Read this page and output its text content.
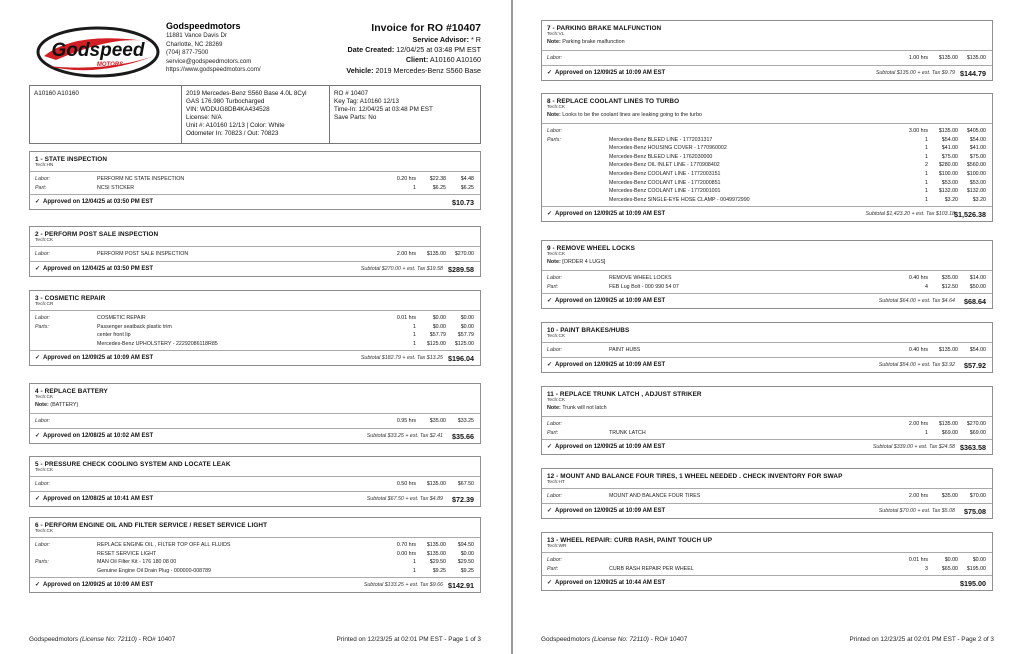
Godspeed
MOTORS
Godspeedmotors
11881 Vance Davis Dr
Charlotte, NC 28269
(704) 877-7500
service@godspeedmotors.com
https://www.godspeedmotors.com/
Invoice for RO #10407
Service Advisor: * R
Date Created: 12/04/25 at 03:48 PM EST
Client: A10160 A10160
Vehicle: 2019 Mercedes-Benz S560 Base
A10160 A10160	2019 Mercedes-Benz S560 Base 4.0L 8Cyl
GAS 176.980 Turbocharged
VIN: WDDUG8DB4KA434528
License: N/A
Unit #: A10160 12/13 | Color: White
Odometer In: 70823 / Out: 70823
RO # 10407
Key Tag: A10160 12/13
Time-In: 12/04/25 at 03:48 PM EST
Save Parts: No
1 - STATE INSPECTION
Tech:HN
Labor:	PERFORM NC STATE INSPECTION	0.20 hrs	$22.38	$4.48
Part:	NCSI STICKER	1	$6.25	$6.25
✓ Approved on 12/04/25 at 03:50 PM EST	$10.73
2 - PERFORM POST SALE INSPECTION
Tech:CK
Labor:	PERFORM POST SALE INSPECTION	2.00 hrs $135.00 $270.00
✓ Approved on 12/04/25 at 03:50 PM EST	Subtotal $270.00 + est. Tax $19.58 $289.58
3 - COSMETIC REPAIR
Tech:CR
Labor:	COSMETIC REPAIR	0.01 hrs	$0.00	$0.00
Parts:	Passenger seatback plastic trim	1	$0.00	$0.00
center front lip	1	$57.79 $57.79
Mercedes-Benz UPHOLSTERY - 22292086118R85	1 $125.00 $125.00
✓ Approved on 12/09/25 at 10:09 AM EST	Subtotal $182.79 + est. Tax $13.25 $196.04
4 - REPLACE BATTERY
Tech:CK
Note: (BATTERY)
Labor:	0.95 hrs	$35.00 $33.25
✓ Approved on 12/08/25 at 10:02 AM EST	Subtotal $33.25 + est. Tax $2.41 $35.66
5 - PRESSURE CHECK COOLING SYSTEM AND LOCATE LEAK
Tech:CK
Labor:	0.50 hrs $135.00 $67.50
✓ Approved on 12/08/25 at 10:41 AM EST	Subtotal $67.50 + est. Tax $4.89 $72.39
6 - PERFORM ENGINE OIL AND FILTER SERVICE / RESET SERVICE LIGHT
Tech:CK
Labor:	REPLACE ENGINE OIL , FILTER TOP OFF ALL FLUIDS	0.70 hrs $135.00 $94.50
RESET SERVICE LIGHT	0.00 hrs $135.00	$0.00
Parts:	MAN Oil Filter Kit - 176 180 08 00	1	$29.50 $29.50
Genuine Engine Oil Drain Plug - 000000-008789	1	$9.25	$9.25
✓ Approved on 12/09/25 at 10:09 AM EST	Subtotal $133.25 + est. Tax $9.66 $142.91
Godspeedmotors (License No: 72110) - RO# 10407	Printed on 12/23/25 at 02:01 PM EST - Page 1 of 3
7 - PARKING BRAKE MALFUNCTION
Tech:VL
Note: Parking brake malfunction
Labor:	1.00 hrs $135.00 $135.00
✓ Approved on 12/09/25 at 10:09 AM EST	Subtotal $135.00 + est. Tax $9.79 $144.79
8 - REPLACE COOLANT LINES TO TURBO
Tech:CK
Note: Looks to be the coolant lines are leaking going to the turbo
Labor:	3.00 hrs $135.00 $405.00
Parts:	Mercedes-Benz BLEED LINE - 1772031317	1	$54.00 $54.00
Mercedes-Benz HOUSING COVER - 1770960002	1	$41.00 $41.00
Mercedes-Benz BLEED LINE - 1762030000	1	$75.00 $75.00
Mercedes-Benz OIL INLET LINE - 1770908402	2 $280.00 $560.00
Mercedes-Benz COOLANT LINE - 1772003151	1 $100.00 $100.00
Mercedes-Benz COOLANT LINE - 1772000851	1	$53.00 $53.00
Mercedes-Benz COOLANT LINE - 1772001001	1 $132.00 $132.00
Mercedes-Benz SINGLE-EYE HOSE CLAMP - 0049972990	1	$3.20	$3.20
✓ Approved on 12/09/25 at 10:09 AM EST	Subtotal $1,423.20 + est. Tax $103.18 $1,526.38
9 - REMOVE WHEEL LOCKS
Tech:CK
Note: [ORDER 4 LUGS]
Labor:	REMOVE WHEEL LOCKS	0.40 hrs	$35.00 $14.00
Part:	FEB Lug Bolt - 000 990 54 07	4	$12.50 $50.00
✓ Approved on 12/09/25 at 10:09 AM EST	Subtotal $64.00 + est. Tax $4.64 $68.64
10 - PAINT BRAKES/HUBS
Tech:CK
Labor:	PAINT HUBS	0.40 hrs $135.00 $54.00
✓ Approved on 12/09/25 at 10:09 AM EST	Subtotal $54.00 + est. Tax $3.92 $57.92
11 - REPLACE TRUNK LATCH , ADJUST STRIKER
Tech:CK
Note: Trunk will not latch
Labor:	2.00 hrs $135.00 $270.00
Part:	TRUNK LATCH	1	$69.00 $69.00
✓ Approved on 12/09/25 at 10:09 AM EST	Subtotal $339.00 + est. Tax $24.58 $363.58
12 - MOUNT AND BALANCE FOUR TIRES, 1 WHEEL NEEDED . CHECK INVENTORY FOR SWAP
Tech:HT
Labor:	MOUNT AND BALANCE FOUR TIRES	2.00 hrs	$35.00 $70.00
✓ Approved on 12/09/25 at 10:09 AM EST	Subtotal $70.00 + est. Tax $5.08 $75.08
13 - WHEEL REPAIR: CURB RASH, PAINT TOUCH UP
Tech:WR
Labor:	0.01 hrs	$0.00	$0.00
Part:	CURB RASH REPAIR PER WHEEL	3	$65.00 $195.00
✓ Approved on 12/09/25 at 10:44 AM EST	$195.00
Godspeedmotors (License No: 72110) - RO# 10407	Printed on 12/23/25 at 02:01 PM EST - Page 2 of 3
